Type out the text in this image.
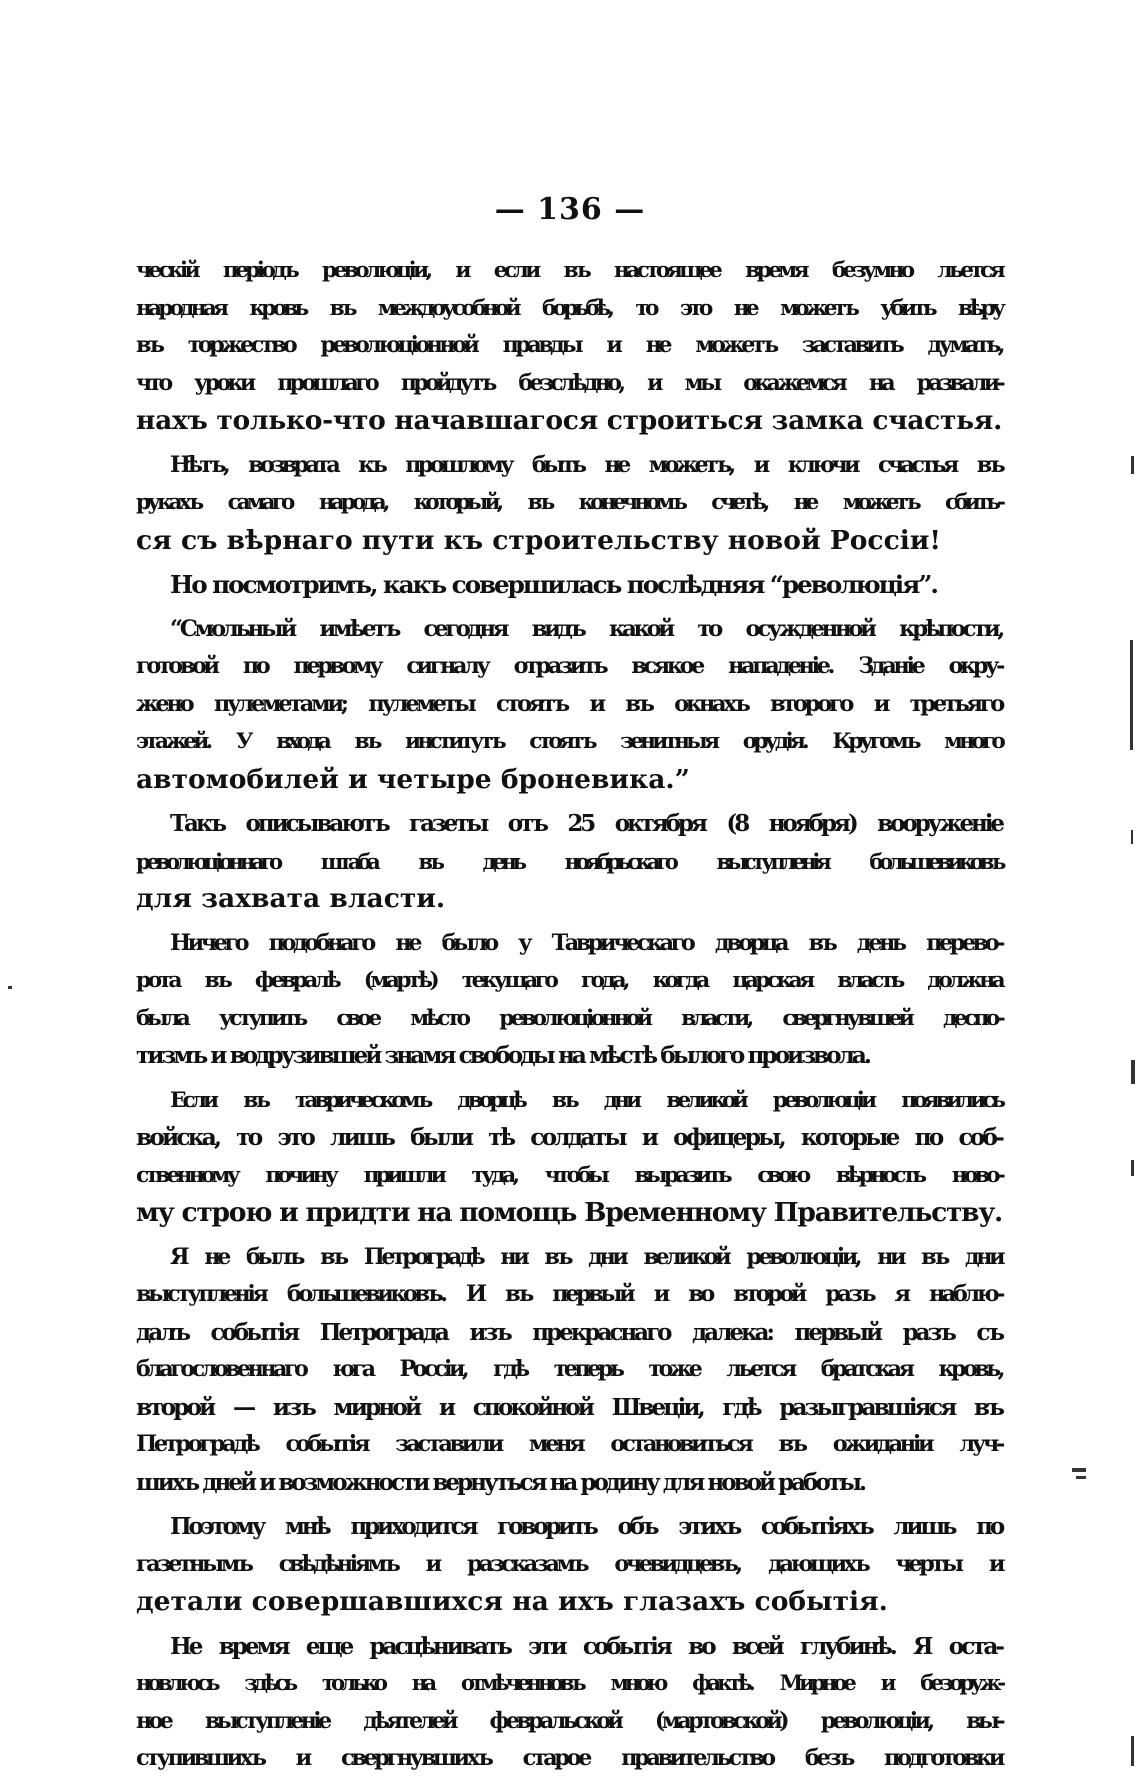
— 136 —
ческій періодъ революціи, и если въ настоящее время безумно льется
народная кровь въ междоусобной борьбѣ, то это не можетъ убить вѣру
въ торжество революціонной правды и не можетъ заставить думать,
что уроки прошлаго пройдутъ безслѣдно, и мы окажемся на развали-
нахъ только-что начавшагося строиться замка счастья.
Нѣтъ, возврата къ прошлому быть не можетъ, и ключи счастья въ
рукахъ самаго народа, который, въ конечномъ счетѣ, не можетъ сбить-
ся съ вѣрнаго пути къ строительству новой Россіи!
Но посмотримъ, какъ совершилась послѣдняя “революція”.
“Смольный имѣетъ сегодня видъ какой то осужденной крѣпости,
готовой по первому сигналу отразить всякое нападеніе. Зданіе окру-
жено пулеметами; пулеметы стоятъ и въ окнахъ второго и третьяго
этажей. У входа въ институтъ стоятъ зенитныя орудія. Кругомъ много
автомобилей и четыре броневика.”
Такъ описываютъ газеты отъ 25 октября (8 ноября) вооруженіе
революціоннаго штаба въ день ноябрьскаго выступленія большевиковъ
для захвата власти.
Ничего подобнаго не было у Таврическаго дворца въ день перево-
рота въ февралѣ (мартѣ) текущаго года, когда царская власть должна
была уступить свое мѣсто революціонной власти, свергнувшей деспо-
тизмъ и водрузившей знамя свободы на мѣстѣ былого произвола.
Если въ таврическомъ дворцѣ въ дни великой революціи появились
войска, то это лишь были тѣ солдаты и офицеры, которые по соб-
ственному почину пришли туда, чтобы выразить свою вѣрность ново-
му строю и придти на помощь Временному Правительству.
Я не былъ въ Петроградѣ ни въ дни великой революціи, ни въ дни
выступленія большевиковъ. И въ первый и во второй разъ я наблю-
далъ событія Петрограда изъ прекраснаго далека: первый разъ съ
благословеннаго юга Россіи, гдѣ теперь тоже льется братская кровь,
второй — изъ мирной и спокойной Швеціи, гдѣ разыгравшіяся въ
Петроградѣ событія заставили меня остановиться въ ожиданіи луч-
шихъ дней и возможности вернуться на родину для новой работы.
Поэтому мнѣ приходится говорить объ этихъ событіяхъ лишь по
газетнымъ свѣдѣніямъ и разсказамъ очевидцевъ, дающихъ черты и
детали совершавшихся на ихъ глазахъ событія.
Не время еще расцѣнивать эти событія во всей глубинѣ. Я оста-
новлюсь здѣсь только на отмѣченновъ мною фактѣ. Мирное и безоруж-
ное выступленіе дѣятелей февральской (мартовской) революціи, вы-
ступившихъ и свергнувшихъ старое правительство безъ подготовки
